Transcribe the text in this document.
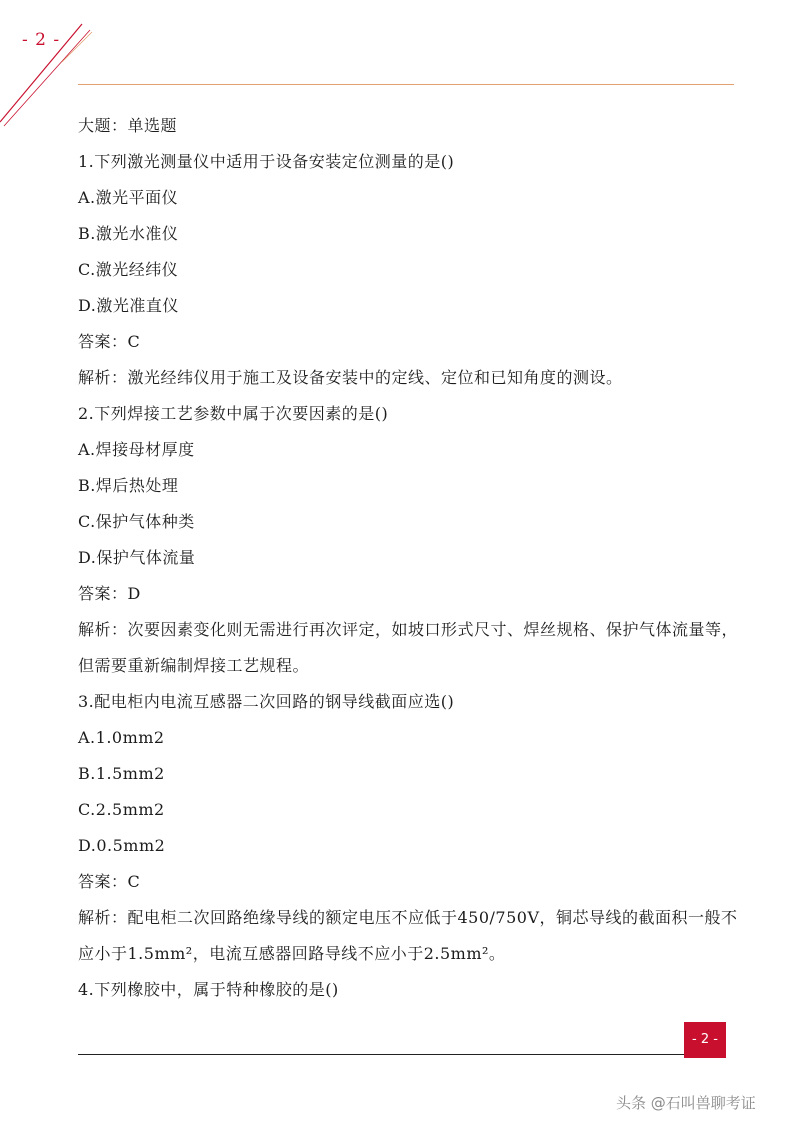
- 2 -
大题：单选题
1.下列激光测量仪中适用于设备安装定位测量的是()
A.激光平面仪
B.激光水准仪
C.激光经纬仪
D.激光准直仪
答案：C
解析：激光经纬仪用于施工及设备安装中的定线、定位和已知角度的测设。
2.下列焊接工艺参数中属于次要因素的是()
A.焊接母材厚度
B.焊后热处理
C.保护气体种类
D.保护气体流量
答案：D
解析：次要因素变化则无需进行再次评定，如坡口形式尺寸、焊丝规格、保护气体流量等，但需要重新编制焊接工艺规程。
3.配电柜内电流互感器二次回路的钢导线截面应选()
A.1.0mm2
B.1.5mm2
C.2.5mm2
D.0.5mm2
答案：C
解析：配电柜二次回路绝缘导线的额定电压不应低于450/750V，铜芯导线的截面积一般不应小于1.5mm²，电流互感器回路导线不应小于2.5mm²。
4.下列橡胶中，属于特种橡胶的是()
- 2 -
头条 @石叫兽聊考证
